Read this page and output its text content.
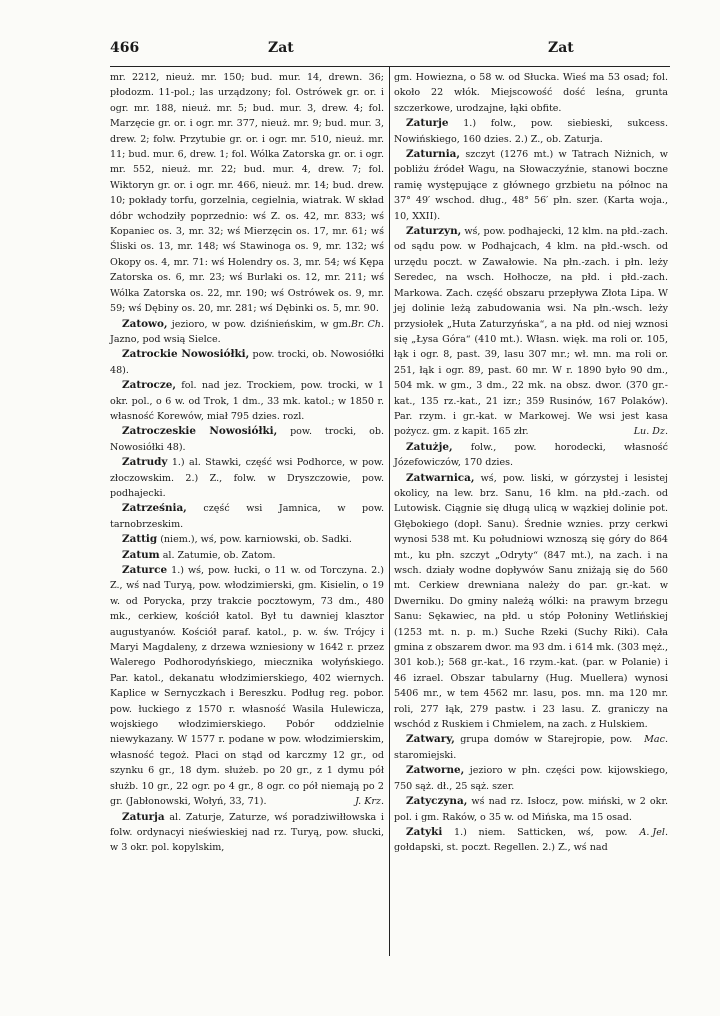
466	Zat	Zat

mr. 2212, nieuż. mr. 150; bud. mur. 14, drewn. 36; płodozm. 11-pol.; las urządzony; fol. Ostrówek gr. or. i ogr. mr. 188, nieuż. mr. 5; bud. mur. 3, drew. 4; fol. Marzęcie gr. or. i ogr. mr. 377, nieuż. mr. 9; bud. mur. 3, drew. 2; folw. Przytubie gr. or. i ogr. mr. 510, nieuż. mr. 11; bud. mur. 6, drew. 1; fol. Wólka Zatorska gr. or. i ogr. mr. 552, nieuż. mr. 22; bud. mur. 4, drew. 7; fol. Wiktoryn gr. or. i ogr. mr. 466, nieuż. mr. 14; bud. drew. 10; pokłady torfu, gorzelnia, cegielnia, wiatrak. W skład dóbr wchodziły poprzednio: wś Z. os. 42, mr. 833; wś Kopaniec os. 3, mr. 32; wś Mierzęcin os. 17, mr. 61; wś Śliski os. 13, mr. 148; wś Stawinoga os. 9, mr. 132; wś Okopy os. 4, mr. 71: wś Holendry os. 3, mr. 54; wś Kępa Zatorska os. 6, mr. 23; wś Burlaki os. 12, mr. 211; wś Wólka Zatorska os. 22, mr. 190; wś Ostrówek os. 9, mr. 59; wś Dębiny os. 20, mr. 281; wś Dębinki os. 5, mr. 90.
Br. Ch.

Zatowo, jezioro, w pow. dziśnieńskim, w gm. Jazno, pod wsią Sielce.

Zatrockie Nowosiółki, pow. trocki, ob. Nowosiółki 48).

Zatrocze, fol. nad jez. Trockiem, pow. trocki, w 1 okr. pol., o 6 w. od Trok, 1 dm., 33 mk. katol.; w 1850 r. własność Korewów, miał 795 dzies. rozl.

Zatroczeskie Nowosiółki, pow. trocki, ob. Nowosiółki 48).

Zatrudy 1.) al. Stawki, część wsi Podhorce, w pow. złoczowskim. 2.) Z., folw. w Dryszczowie, pow. podhajecki.

Zatrześnia, część wsi Jamnica, w pow. tarnobrzeskim.

Zattig (niem.), wś, pow. karniowski, ob. Sadki.

Zatum al. Zatumie, ob. Zatom.

Zaturce 1.) wś, pow. łucki, o 11 w. od Torczyna. 2.) Z., wś nad Turyą, pow. włodzimierski, gm. Kisielin, o 19 w. od Porycka, przy trakcie pocztowym, 73 dm., 480 mk., cerkiew, kościół katol. Był tu dawniej klasztor augustyanów. Kościół paraf. katol., p. w. św. Trójcy i Maryi Magdaleny, z drzewa wzniesiony w 1642 r. przez Walerego Podhorodyńskiego, miecznika wołyńskiego. Par. katol., dekanatu włodzimierskiego, 402 wiernych. Kaplice w Sernyczkach i Bereszku. Podług reg. pobor. pow. łuckiego z 1570 r. własność Wasila Hulewicza, wojskiego włodzimierskiego. Pobór oddzielnie niewykazany. W 1577 r. podane w pow. włodzimierskim, własność tegoż. Płaci on stąd od karczmy 12 gr., od szynku 6 gr., 18 dym. służeb. po 20 gr., z 1 dymu pół służb. 10 gr., 22 ogr. po 4 gr., 8 ogr. co pół niemają po 2 gr. (Jabłonowski, Wołyń, 33, 71).	J. Krz.

Zaturja al. Zaturje, Zaturze, wś poradziwiłłowska i folw. ordynacyi nieświeskiej nad rz. Turyą, pow. słucki, w 3 okr. pol. kopylskim,

gm. Howiezna, o 58 w. od Słucka. Wieś ma 53 osad; fol. około 22 włók. Miejscowość dość leśna, grunta szczerkowe, urodzajne, łąki obfite.

Zaturje 1.) folw., pow. siebieski, sukcess. Nowińskiego, 160 dzies. 2.) Z., ob. Zaturja.

Zaturnia, szczyt (1276 mt.) w Tatrach Niżnich, w pobliżu źródeł Wagu, na Słowaczyźnie, stanowi boczne ramię występujące z głównego grzbietu na północ na 37° 49′ wschod. dług., 48° 56′ płn. szer. (Karta woja., 10, XXII).

Zaturzyn, wś, pow. podhajecki, 12 klm. na płd.-zach. od sądu pow. w Podhajcach, 4 klm. na płd.-wsch. od urzędu poczt. w Zawałowie. Na płn.-zach. i płn. leży Seredec, na wsch. Hołhocze, na płd. i płd.-zach. Markowa. Zach. część obszaru przepływa Złota Lipa. W jej dolinie leżą zabudowania wsi. Na płn.-wsch. leży przysiołek „Huta Zaturzyńska“, a na płd. od niej wznosi się „Łysa Góra“ (410 mt.). Własn. więk. ma roli or. 105, łąk i ogr. 8, past. 39, lasu 307 mr.; wł. mn. ma roli or. 251, łąk i ogr. 89, past. 60 mr. W r. 1890 było 90 dm., 504 mk. w gm., 3 dm., 22 mk. na obsz. dwor. (370 gr.-kat., 135 rz.-kat., 21 izr.; 359 Rusinów, 167 Polaków). Par. rzym. i gr.-kat. w Markowej. We wsi jest kasa pożycz. gm. z kapit. 165 złr.	Lu. Dz.

Zatużje, folw., pow. horodecki, własność Józefowiczów, 170 dzies.

Zatwarnica, wś, pow. liski, w górzystej i lesistej okolicy, na lew. brz. Sanu, 16 klm. na płd.-zach. od Lutowisk. Ciągnie się długą ulicą w wązkiej dolinie pot. Głębokiego (dopł. Sanu). Średnie wznies. przy cerkwi wynosi 538 mt. Ku południowi wznoszą się góry do 864 mt., ku płn. szczyt „Odryty“ (847 mt.), na zach. i na wsch. działy wodne dopływów Sanu zniżają się do 560 mt. Cerkiew drewniana należy do par. gr.-kat. w Dwerniku. Do gminy należą wólki: na prawym brzegu Sanu: Sękawiec, na płd. u stóp Połoniny Wetlińskiej (1253 mt. n. p. m.) Suche Rzeki (Suchy Riki). Cała gmina z obszarem dwor. ma 93 dm. i 614 mk. (303 męż., 301 kob.); 568 gr.-kat., 16 rzym.-kat. (par. w Polanie) i 46 izrael. Obszar tabularny (Hug. Muellera) wynosi 5406 mr., w tem 4562 mr. lasu, pos. mn. ma 120 mr. roli, 277 łąk, 279 pastw. i 23 lasu. Z. graniczy na wschód z Ruskiem i Chmielem, na zach. z Hulskiem.
Mac.

Zatwary, grupa domów w Starejropie, pow. staromiejski.

Zatworne, jezioro w płn. części pow. kijowskiego, 750 sąż. dł., 25 sąż. szer.

Zatyczyna, wś nad rz. Isłocz, pow. miński, w 2 okr. pol. i gm. Raków, o 35 w. od Mińska, ma 15 osad.
A. Jel.

Zatyki 1.) niem. Satticken, wś, pow. gołdapski, st. poczt. Regellen. 2.) Z., wś nad
